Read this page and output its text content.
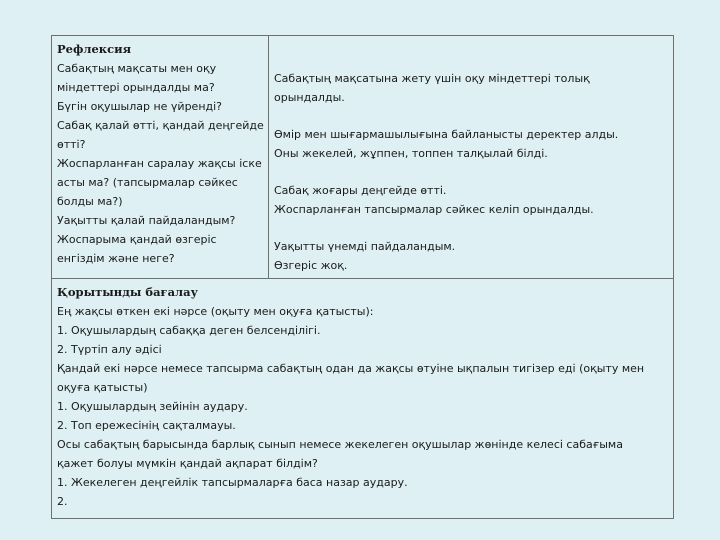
Рефлексия
Сабақтың мақсаты мен оқу
міндеттері орындалды ма?
Бүгін оқушылар не үйренді?
Сабақ қалай өтті, қандай деңгейде
өтті?
Жоспарланған саралау жақсы іске
асты ма? (тапсырмалар сәйкес
болды ма?)
Уақытты қалай пайдаландым?
Жоспарыма қандай өзгеріс
енгіздім және неге?
Сабақтың мақсатына жету үшін оқу міндеттері толық
орындалды.
Өмір мен шығармашылығына байланысты деректер алды.
Оны жекелей, жұппен, топпен талқылай білді.
Сабақ жоғары деңгейде өтті.
Жоспарланған тапсырмалар сәйкес келіп орындалды.
Уақытты үнемді пайдаландым.
Өзгеріс жоқ.
Қорытынды бағалау
Ең жақсы өткен екі нәрсе (оқыту мен оқуға қатысты):
1. Оқушылардың сабаққа деген белсенділігі.
2. Түртіп алу әдісі
Қандай екі нәрсе немесе тапсырма сабақтың одан да жақсы өтуіне ықпалын тигізер еді (оқыту мен
оқуға қатысты)
1. Оқушылардың зейінін аудару.
2. Топ ережесінің сақталмауы.
Осы сабақтың барысында барлық сынып немесе жекелеген оқушылар жөнінде келесі сабағыма
қажет болуы мүмкін қандай ақпарат білдім?
1. Жекелеген деңгейлік тапсырмаларға баса назар аудару.
2.
